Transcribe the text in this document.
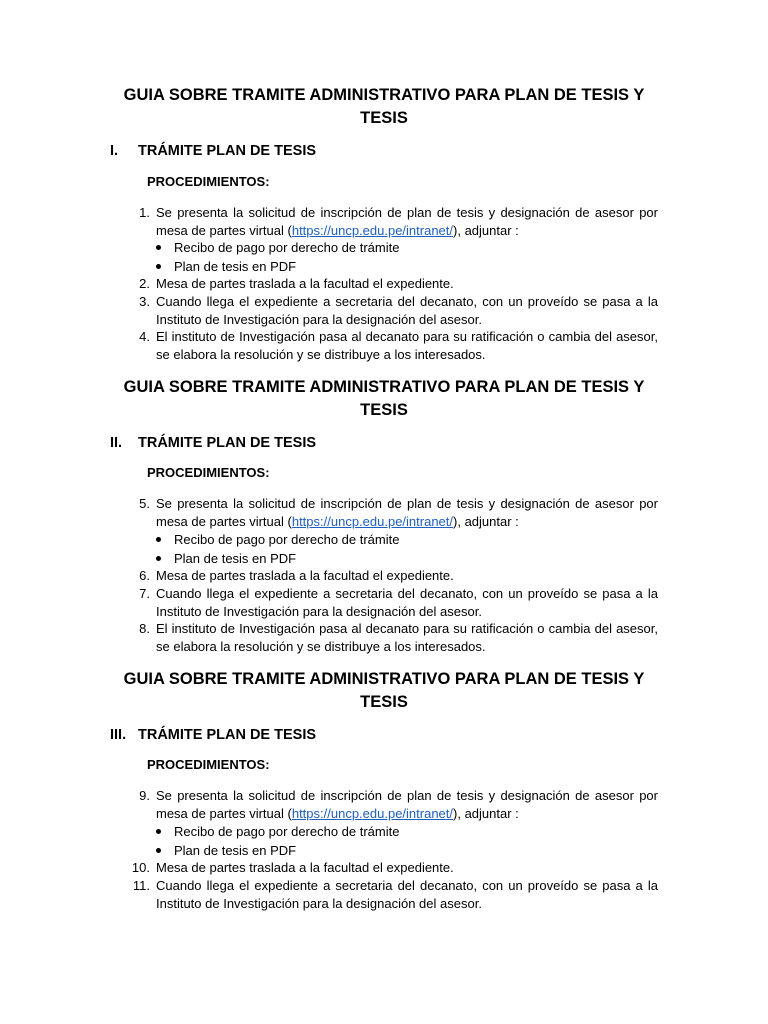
GUIA SOBRE TRAMITE ADMINISTRATIVO PARA PLAN DE TESIS Y TESIS
I. TRÁMITE PLAN DE TESIS
PROCEDIMIENTOS:
1. Se presenta la solicitud de inscripción de plan de tesis y designación de asesor por mesa de partes virtual (https://uncp.edu.pe/intranet/), adjuntar :
Recibo de pago por derecho de trámite
Plan de tesis en PDF
2. Mesa de partes traslada a la facultad el expediente.
3. Cuando llega el expediente a secretaria del decanato, con un proveído se pasa a la Instituto de Investigación para la designación del asesor.
4. El instituto de Investigación pasa al decanato para su ratificación o cambia del asesor, se elabora la resolución y se distribuye a los interesados.
GUIA SOBRE TRAMITE ADMINISTRATIVO PARA PLAN DE TESIS Y TESIS
II. TRÁMITE PLAN DE TESIS
PROCEDIMIENTOS:
5. Se presenta la solicitud de inscripción de plan de tesis y designación de asesor por mesa de partes virtual (https://uncp.edu.pe/intranet/), adjuntar :
Recibo de pago por derecho de trámite
Plan de tesis en PDF
6. Mesa de partes traslada a la facultad el expediente.
7. Cuando llega el expediente a secretaria del decanato, con un proveído se pasa a la Instituto de Investigación para la designación del asesor.
8. El instituto de Investigación pasa al decanato para su ratificación o cambia del asesor, se elabora la resolución y se distribuye a los interesados.
GUIA SOBRE TRAMITE ADMINISTRATIVO PARA PLAN DE TESIS Y TESIS
III. TRÁMITE PLAN DE TESIS
PROCEDIMIENTOS:
9. Se presenta la solicitud de inscripción de plan de tesis y designación de asesor por mesa de partes virtual (https://uncp.edu.pe/intranet/), adjuntar :
Recibo de pago por derecho de trámite
Plan de tesis en PDF
10. Mesa de partes traslada a la facultad el expediente.
11. Cuando llega el expediente a secretaria del decanato, con un proveído se pasa a la Instituto de Investigación para la designación del asesor.
